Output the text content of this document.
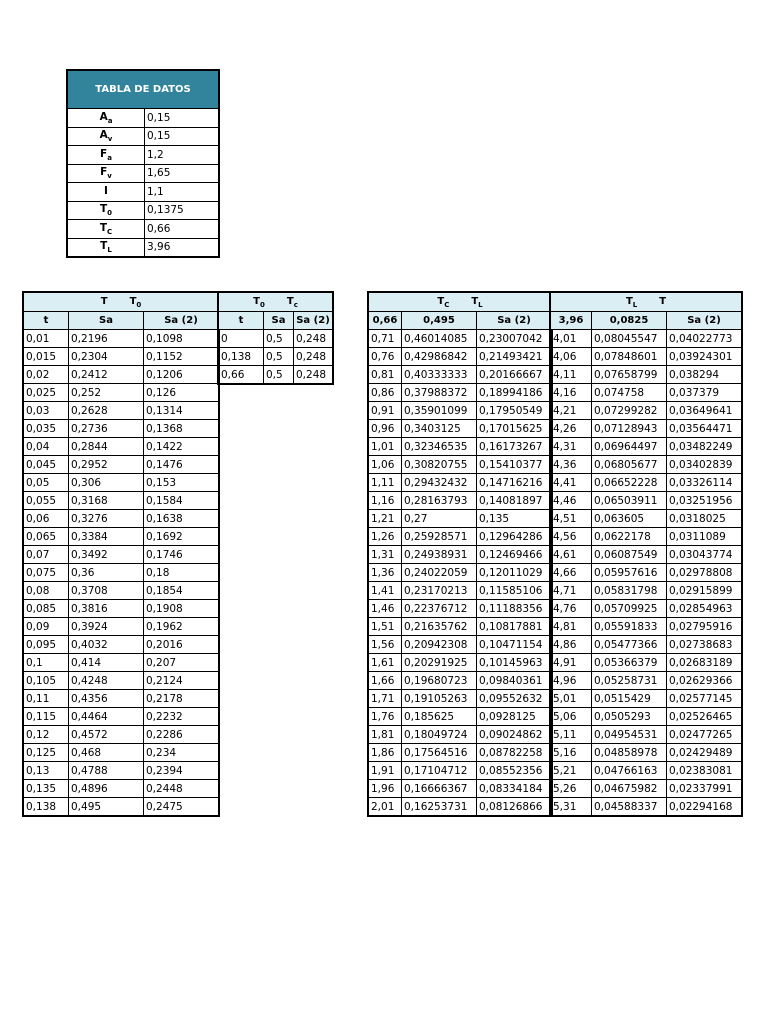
TABLA DE DATOS	
$A_a$	0,15
$A_v$	0,15
$F_a$	1,2
$F_v$	1,65
I	1,1
$T_0$	0,1375
$T_C$	0,66
$T_L$	3,96
T $T_0$
t	Sa	Sa (2)
0,01	0,2196	0,1098
0,015	0,2304	0,1152
0,02	0,2412	0,1206
0,025	0,252	0,126
0,03	0,2628	0,1314
0,035	0,2736	0,1368
0,04	0,2844	0,1422
0,045	0,2952	0,1476
0,05	0,306	0,153
0,055	0,3168	0,1584
0,06	0,3276	0,1638
0,065	0,3384	0,1692
0,07	0,3492	0,1746
0,075	0,36	0,18
0,08	0,3708	0,1854
0,085	0,3816	0,1908
0,09	0,3924	0,1962
0,095	0,4032	0,2016
0,1	0,414	0,207
0,105	0,4248	0,2124
0,11	0,4356	0,2178
0,115	0,4464	0,2232
0,12	0,4572	0,2286
0,125	0,468	0,234
0,13	0,4788	0,2394
0,135	0,4896	0,2448
0,138	0,495	0,2475
$T_0$ $T_c$
t	Sa	Sa (2)
0	0,5	0,248
0,138	0,5	0,248
0,66	0,5	0,248
$T_C$ $T_L$
0,66	0,495	Sa (2)
0,71	0,46014085	0,23007042
0,76	0,42986842	0,21493421
0,81	0,40333333	0,20166667
0,86	0,37988372	0,18994186
0,91	0,35901099	0,17950549
0,96	0,3403125	0,17015625
1,01	0,32346535	0,16173267
1,06	0,30820755	0,15410377
1,11	0,29432432	0,14716216
1,16	0,28163793	0,14081897
1,21	0,27	0,135
1,26	0,25928571	0,12964286
1,31	0,24938931	0,12469466
1,36	0,24022059	0,12011029
1,41	0,23170213	0,11585106
1,46	0,22376712	0,11188356
1,51	0,21635762	0,10817881
1,56	0,20942308	0,10471154
1,61	0,20291925	0,10145963
1,66	0,19680723	0,09840361
1,71	0,19105263	0,09552632
1,76	0,185625	0,0928125
1,81	0,18049724	0,09024862
1,86	0,17564516	0,08782258
1,91	0,17104712	0,08552356
1,96	0,16666367	0,08334184
2,01	0,16253731	0,08126866
$T_L$ T		
3,96	0,0825	Sa (2)
4,01	0,08045547	0,04022773
4,06	0,07848601	0,03924301
4,11	0,07658799	0,038294
4,16	0,074758	0,037379
4,21	0,07299282	0,03649641
4,26	0,07128943	0,03564471
4,31	0,06964497	0,03482249
4,36	0,06805677	0,03402839
4,41	0,06652228	0,03326114
4,46	0,06503911	0,03251956
4,51	0,063605	0,0318025
4,56	0,0622178	0,0311089
4,61	0,06087549	0,03043774
4,66	0,05957616	0,02978808
4,71	0,05831798	0,02915899
4,76	0,05709925	0,02854963
4,81	0,05591833	0,02795916
4,86	0,05477366	0,02738683
4,91	0,05366379	0,02683189
4,96	0,05258731	0,02629366
5,01	0,0515429	0,02577145
5,06	0,0505293	0,02526465
5,11	0,04954531	0,02477265
5,16	0,04858978	0,02429489
5,21	0,04766163	0,02383081
5,26	0,04675982	0,02337991
5,31	0,04588337	0,02294168
